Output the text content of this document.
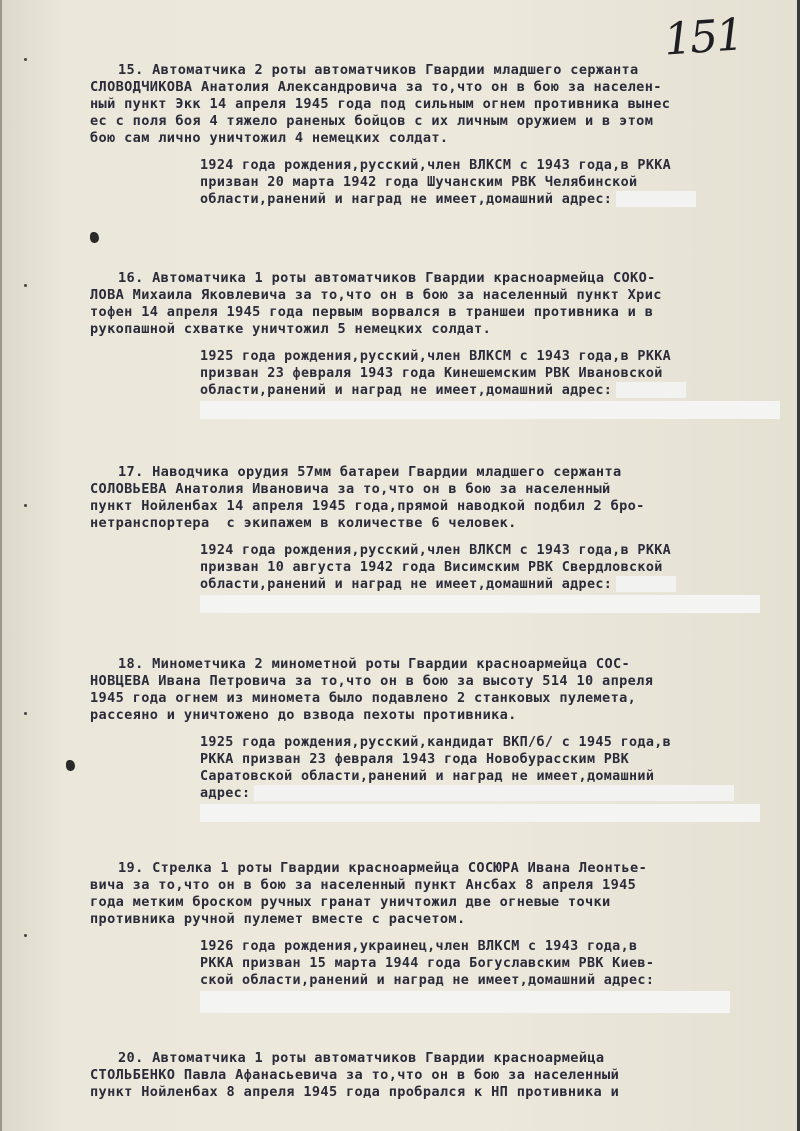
151
15. Автоматчика 2 роты автоматчиков Гвардии младшего сержанта
СЛОВОДЧИКОВА Анатолия Александровича за то,что он в бою за населен-
ный пункт Экк 14 апреля 1945 года под сильным огнем противника вынес
ес с поля боя 4 тяжело раненых бойцов с их личным оружием и в этом
бою сам лично уничтожил 4 немецких солдат.
1924 года рождения,русский,член ВЛКСМ с 1943 года,в РККА
призван 20 марта 1942 года Шучанским РВК Челябинской
области,ранений и наград не имеет,домашний адрес:
16. Автоматчика 1 роты автоматчиков Гвардии красноармейца СОКО-
ЛОВА Михаила Яковлевича за то,что он в бою за населенный пункт Хрис
тофен 14 апреля 1945 года первым ворвался в траншеи противника и в
рукопашной схватке уничтожил 5 немецких солдат.
1925 года рождения,русский,член ВЛКСМ с 1943 года,в РККА
призван 23 февраля 1943 года Кинешемским РВК Ивановской
области,ранений и наград не имеет,домашний адрес:
17. Наводчика орудия 57мм батареи Гвардии младшего сержанта
СОЛОВЬЕВА Анатолия Ивановича за то,что он в бою за населенный
пункт Нойленбах 14 апреля 1945 года,прямой наводкой подбил 2 бро-
нетранспортера  с экипажем в количестве 6 человек.
1924 года рождения,русский,член ВЛКСМ с 1943 года,в РККА
призван 10 августа 1942 года Висимским РВК Свердловской
области,ранений и наград не имеет,домашний адрес:
18. Минометчика 2 минометной роты Гвардии красноармейца СОС-
НОВЦЕВА Ивана Петровича за то,что он в бою за высоту 514 10 апреля
1945 года огнем из миномета было подавлено 2 станковых пулемета,
рассеяно и уничтожено до взвода пехоты противника.
1925 года рождения,русский,кандидат ВКП/б/ с 1945 года,в
РККА призван 23 февраля 1943 года Новобурасским РВК
Саратовской области,ранений и наград не имеет,домашний
адрес:
19. Стрелка 1 роты Гвардии красноармейца СОСЮРА Ивана Леонтье-
вича за то,что он в бою за населенный пункт Ансбах 8 апреля 1945
года метким броском ручных гранат уничтожил две огневые точки
противника ручной пулемет вместе с расчетом.
1926 года рождения,украинец,член ВЛКСМ с 1943 года,в
РККА призван 15 марта 1944 года Богуславским РВК Киев-
ской области,ранений и наград не имеет,домашний адрес:
20. Автоматчика 1 роты автоматчиков Гвардии красноармейца
СТОЛЬБЕНКО Павла Афанасьевича за то,что он в бою за населенный
пункт Нойленбах 8 апреля 1945 года пробрался к НП противника и
